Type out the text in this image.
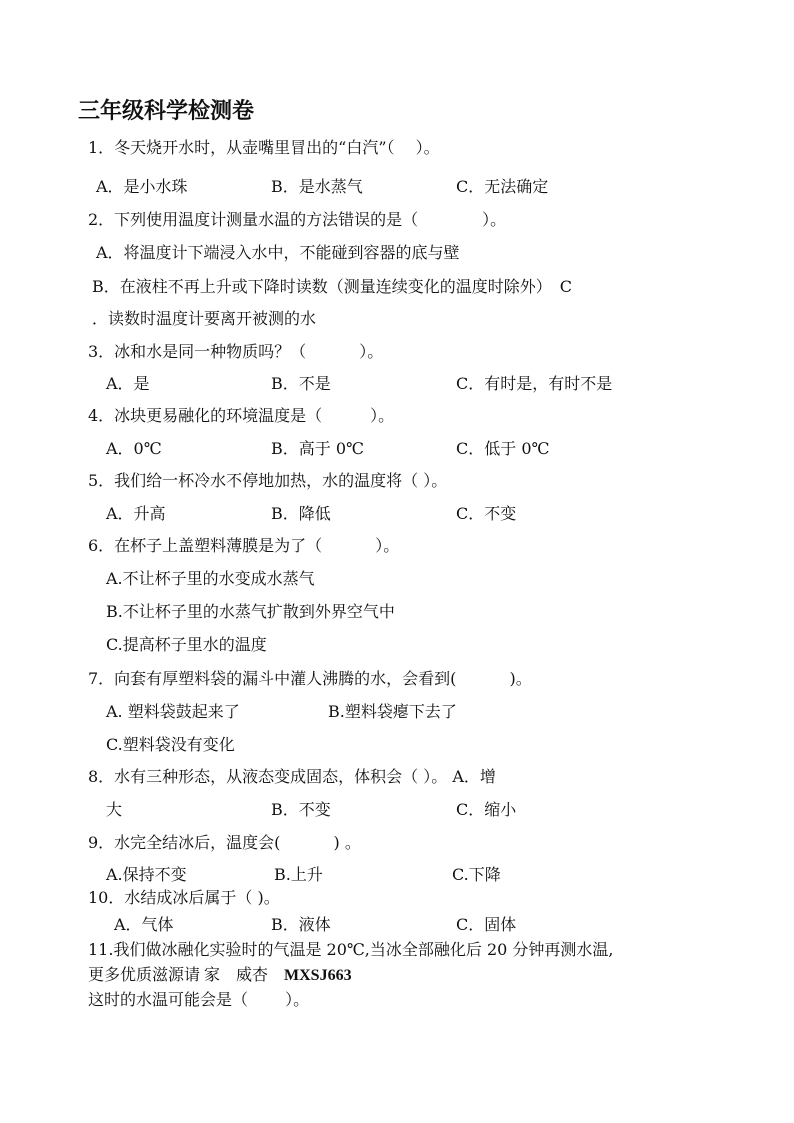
三年级科学检测卷
1．冬天烧开水时，从壶嘴里冒出的“白汽”（　 ）。
A．是小水珠	B．是水蒸气	C．无法确定
2．下列使用温度计测量水温的方法错误的是（　　　　）。
A．将温度计下端浸入水中，不能碰到容器的底与壁
B．在液柱不再上升或下降时读数（测量连续变化的温度时除外）　C
．读数时温度计要离开被测的水
3．冰和水是同一种物质吗？（　　　 ）。
A．是	B．不是	C．有时是，有时不是
4．冰块更易融化的环境温度是（　　　）。
A．0℃	B．高于 0℃	C．低于 0℃
5．我们给一杯冷水不停地加热，水的温度将（ ）。
A．升高	B．降低	C．不变
6．在杯子上盖塑料薄膜是为了（　　　 ）。
A.不让杯子里的水变成水蒸气
B.不让杯子里的水蒸气扩散到外界空气中
C.提高杯子里水的温度
7．向套有厚塑料袋的漏斗中灌人沸腾的水，会看到(　　　 )。
A. 塑料袋鼓起来了	B.塑料袋瘪下去了
C.塑料袋没有变化
8．水有三种形态，从液态变成固态，体积会（ ）。 A．增
大	B．不变	C．缩小
9．水完全结冰后，温度会(　　　 ) 。
A.保持不变	B.上升	C.下降
10．水结成冰后属于（ )。
A．气体	B．液体	C．固体
11.我们做冰融化实验时的气温是 20℃,当冰全部融化后 20 分钟再测水温,
更多优质滋源请 家　威杏　MXSJ663
这时的水温可能会是（　　 ）。
